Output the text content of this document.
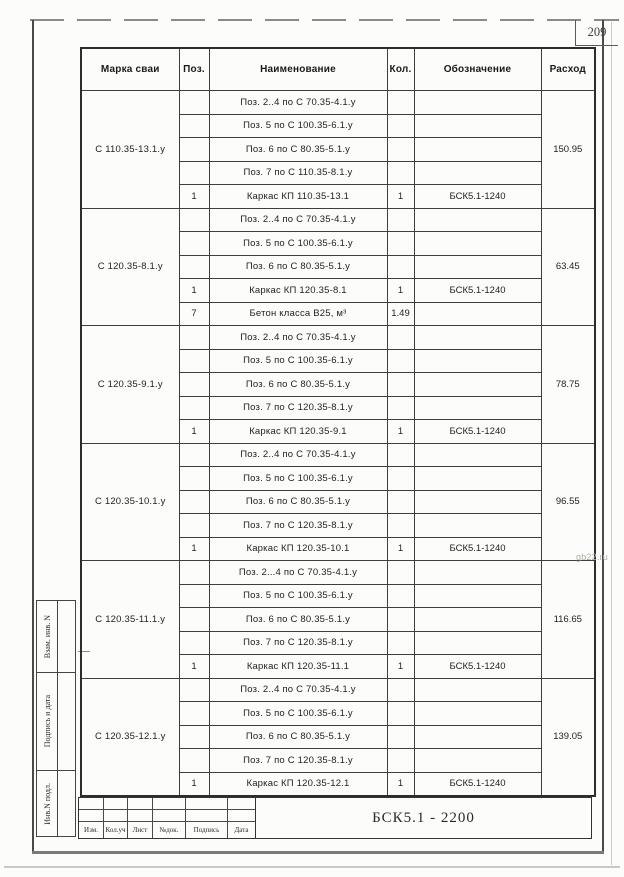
209
Марка сваи	Поз.	Наименование	Кол.	Обозначение	Расход
С 110.35-13.1.у		Поз. 2..4 по С 70.35-4.1.у			150.95
		Поз. 5 по С 100.35-6.1.у			
		Поз. 6 по С 80.35-5.1.у			
		Поз. 7 по С 110.35-8.1.у			
	1	Каркас КП 110.35-13.1	1	БСК5.1-1240	
С 120.35-8.1.у		Поз. 2..4 по С 70.35-4.1.у			63.45
		Поз. 5 по С 100.35-6.1.у			
		Поз. 6 по С 80.35-5.1.у			
	1	Каркас КП 120.35-8.1	1	БСК5.1-1240	
	7	Бетон класса В25, м³	1.49		
С 120.35-9.1.у		Поз. 2..4 по С 70.35-4.1.у			78.75
		Поз. 5 по С 100.35-6.1.у			
		Поз. 6 по С 80.35-5.1.у			
		Поз. 7 по С 120.35-8.1.у			
	1	Каркас КП 120.35-9.1	1	БСК5.1-1240	
С 120.35-10.1.у		Поз. 2..4 по С 70.35-4.1.у			96.55
		Поз. 5 по С 100.35-6.1.у			
		Поз. 6 по С 80.35-5.1.у			
		Поз. 7 по С 120.35-8.1.у			
	1	Каркас КП 120.35-10.1	1	БСК5.1-1240	
С 120.35-11.1.у		Поз. 2...4 по С 70.35-4.1.у			116.65
		Поз. 5 по С 100.35-6.1.у			
		Поз. 6 по С 80.35-5.1.у			
		Поз. 7 по С 120.35-8.1.у			
	1	Каркас КП 120.35-11.1	1	БСК5.1-1240	
С 120.35-12.1.у		Поз. 2..4 по С 70.35-4.1.у			139.05
		Поз. 5 по С 100.35-6.1.у			
		Поз. 6 по С 80.35-5.1.у			
		Поз. 7 по С 120.35-8.1.у			
	1	Каркас КП 120.35-12.1	1	БСК5.1-1240	
Взам. инв. N
Подпись и дата
Инв.N подл.
Изм.	Кол.уч	Лист	№док.	Подпись	Дата
БСК5.1 - 2200
gb22.ru
